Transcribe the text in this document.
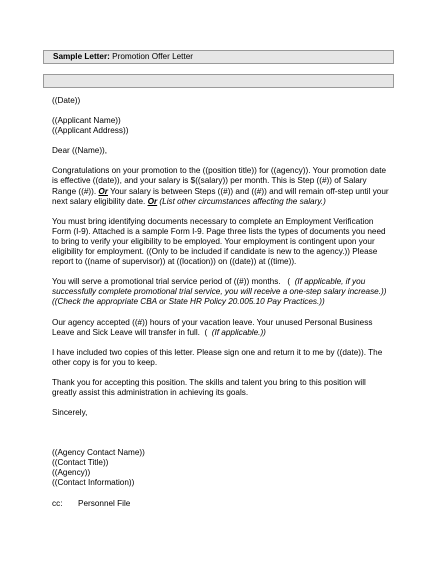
Sample Letter: Promotion Offer Letter

((Date))

((Applicant Name))

((Applicant Address))

Dear ((Name)),

Congratulations on your promotion to the ((position title)) for ((agency)). Your promotion date is effective ((date)), and your salary is $((salary)) per month. This is Step ((#)) of Salary Range ((#)). Or Your salary is between Steps ((#)) and ((#)) and will remain off-step until your next salary eligibility date. Or (List other circumstances affecting the salary.)

You must bring identifying documents necessary to complete an Employment Verification Form (I-9). Attached is a sample Form I-9. Page three lists the types of documents you need to bring to verify your eligibility to be employed. Your employment is contingent upon your eligibility for employment. ((Only to be included if candidate is new to the agency.)) Please report to ((name of supervisor)) at ((location)) on ((date)) at ((time)).

You will serve a promotional trial service period of ((#)) months.   (  (If applicable, if you successfully complete promotional trial service, you will receive a one-step salary increase.)) ((Check the appropriate CBA or State HR Policy 20.005.10 Pay Practices.))

Our agency accepted ((#)) hours of your vacation leave. Your unused Personal Business Leave and Sick Leave will transfer in full.  (  (If applicable.))

I have included two copies of this letter. Please sign one and return it to me by ((date)). The other copy is for you to keep.

Thank you for accepting this position. The skills and talent you bring to this position will greatly assist this administration in achieving its goals.

Sincerely,

((Agency Contact Name))

((Contact Title))

((Agency))

((Contact Information))

cc: Personnel File
